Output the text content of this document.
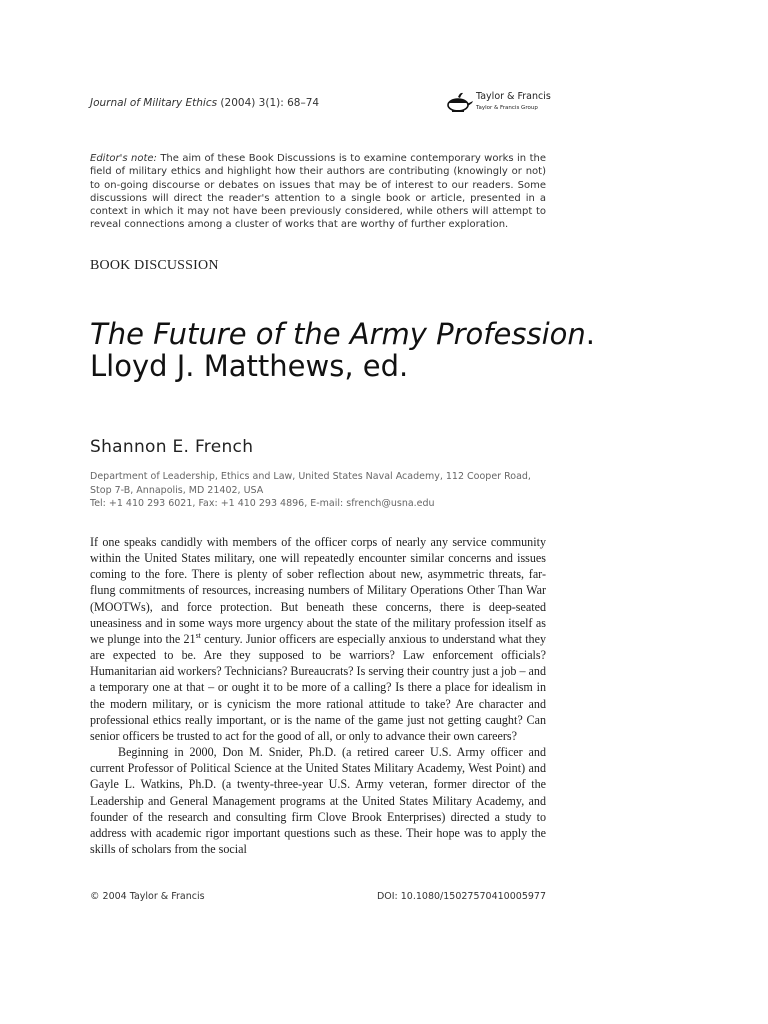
Journal of Military Ethics (2004) 3(1): 68–74
Taylor & Francis
Taylor & Francis Group
Editor's note: The aim of these Book Discussions is to examine contemporary works in the field of military ethics and highlight how their authors are contributing (knowingly or not) to on-going discourse or debates on issues that may be of interest to our readers. Some discussions will direct the reader's attention to a single book or article, presented in a context in which it may not have been previously considered, while others will attempt to reveal connections among a cluster of works that are worthy of further exploration.
BOOK DISCUSSION
The Future of the Army Profession.
Lloyd J. Matthews, ed.
Shannon E. French
Department of Leadership, Ethics and Law, United States Naval Academy, 112 Cooper Road, Stop 7-B, Annapolis, MD 21402, USA
Tel: +1 410 293 6021, Fax: +1 410 293 4896, E-mail: sfrench@usna.edu

If one speaks candidly with members of the officer corps of nearly any service community within the United States military, one will repeatedly encounter similar concerns and issues coming to the fore. There is plenty of sober reflection about new, asymmetric threats, far-flung commitments of resources, increasing numbers of Military Operations Other Than War (MOOTWs), and force protection. But beneath these concerns, there is deep-seated uneasiness and in some ways more urgency about the state of the military profession itself as we plunge into the 21st century. Junior officers are especially anxious to understand what they are expected to be. Are they supposed to be warriors? Law enforcement officials? Humanitarian aid workers? Technicians? Bureaucrats? Is serving their country just a job – and a temporary one at that – or ought it to be more of a calling? Is there a place for idealism in the modern military, or is cynicism the more rational attitude to take? Are character and professional ethics really important, or is the name of the game just not getting caught? Can senior officers be trusted to act for the good of all, or only to advance their own careers?

Beginning in 2000, Don M. Snider, Ph.D. (a retired career U.S. Army officer and current Professor of Political Science at the United States Military Academy, West Point) and Gayle L. Watkins, Ph.D. (a twenty-three-year U.S. Army veteran, former director of the Leadership and General Management programs at the United States Military Academy, and founder of the research and consulting firm Clove Brook Enterprises) directed a study to address with academic rigor important questions such as these. Their hope was to apply the skills of scholars from the social

© 2004 Taylor & Francis	DOI: 10.1080/15027570410005977
